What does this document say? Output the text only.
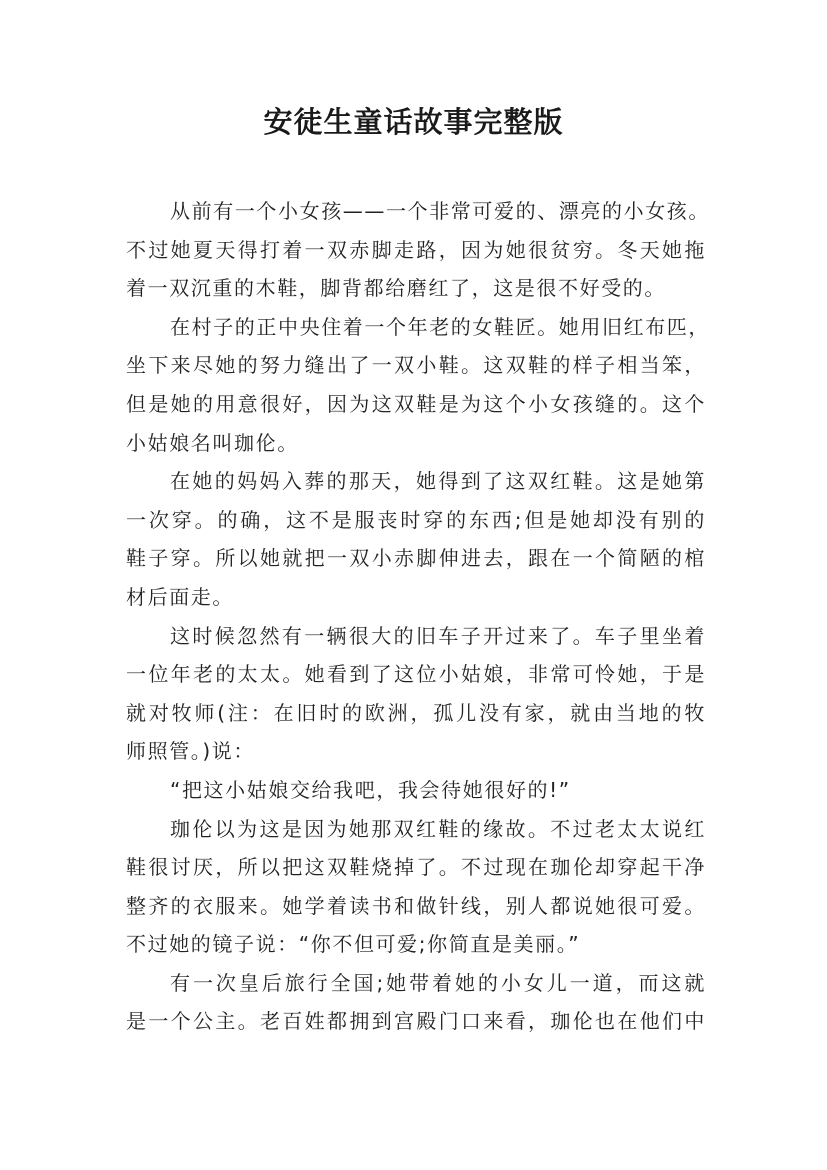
安徒生童话故事完整版
从前有一个小女孩——一个非常可爱的、漂亮的小女孩。
不过她夏天得打着一双赤脚走路，因为她很贫穷。冬天她拖
着一双沉重的木鞋，脚背都给磨红了，这是很不好受的。
在村子的正中央住着一个年老的女鞋匠。她用旧红布匹，
坐下来尽她的努力缝出了一双小鞋。这双鞋的样子相当笨，
但是她的用意很好，因为这双鞋是为这个小女孩缝的。这个
小姑娘名叫珈伦。
在她的妈妈入葬的那天，她得到了这双红鞋。这是她第
一次穿。的确，这不是服丧时穿的东西;但是她却没有别的
鞋子穿。所以她就把一双小赤脚伸进去，跟在一个简陋的棺
材后面走。
这时候忽然有一辆很大的旧车子开过来了。车子里坐着
一位年老的太太。她看到了这位小姑娘，非常可怜她，于是
就对牧师(注：在旧时的欧洲，孤儿没有家，就由当地的牧
师照管。)说：
“把这小姑娘交给我吧，我会待她很好的!”
珈伦以为这是因为她那双红鞋的缘故。不过老太太说红
鞋很讨厌，所以把这双鞋烧掉了。不过现在珈伦却穿起干净
整齐的衣服来。她学着读书和做针线，别人都说她很可爱。
不过她的镜子说：“你不但可爱;你简直是美丽。”
有一次皇后旅行全国;她带着她的小女儿一道，而这就
是一个公主。老百姓都拥到宫殿门口来看，珈伦也在他们中
